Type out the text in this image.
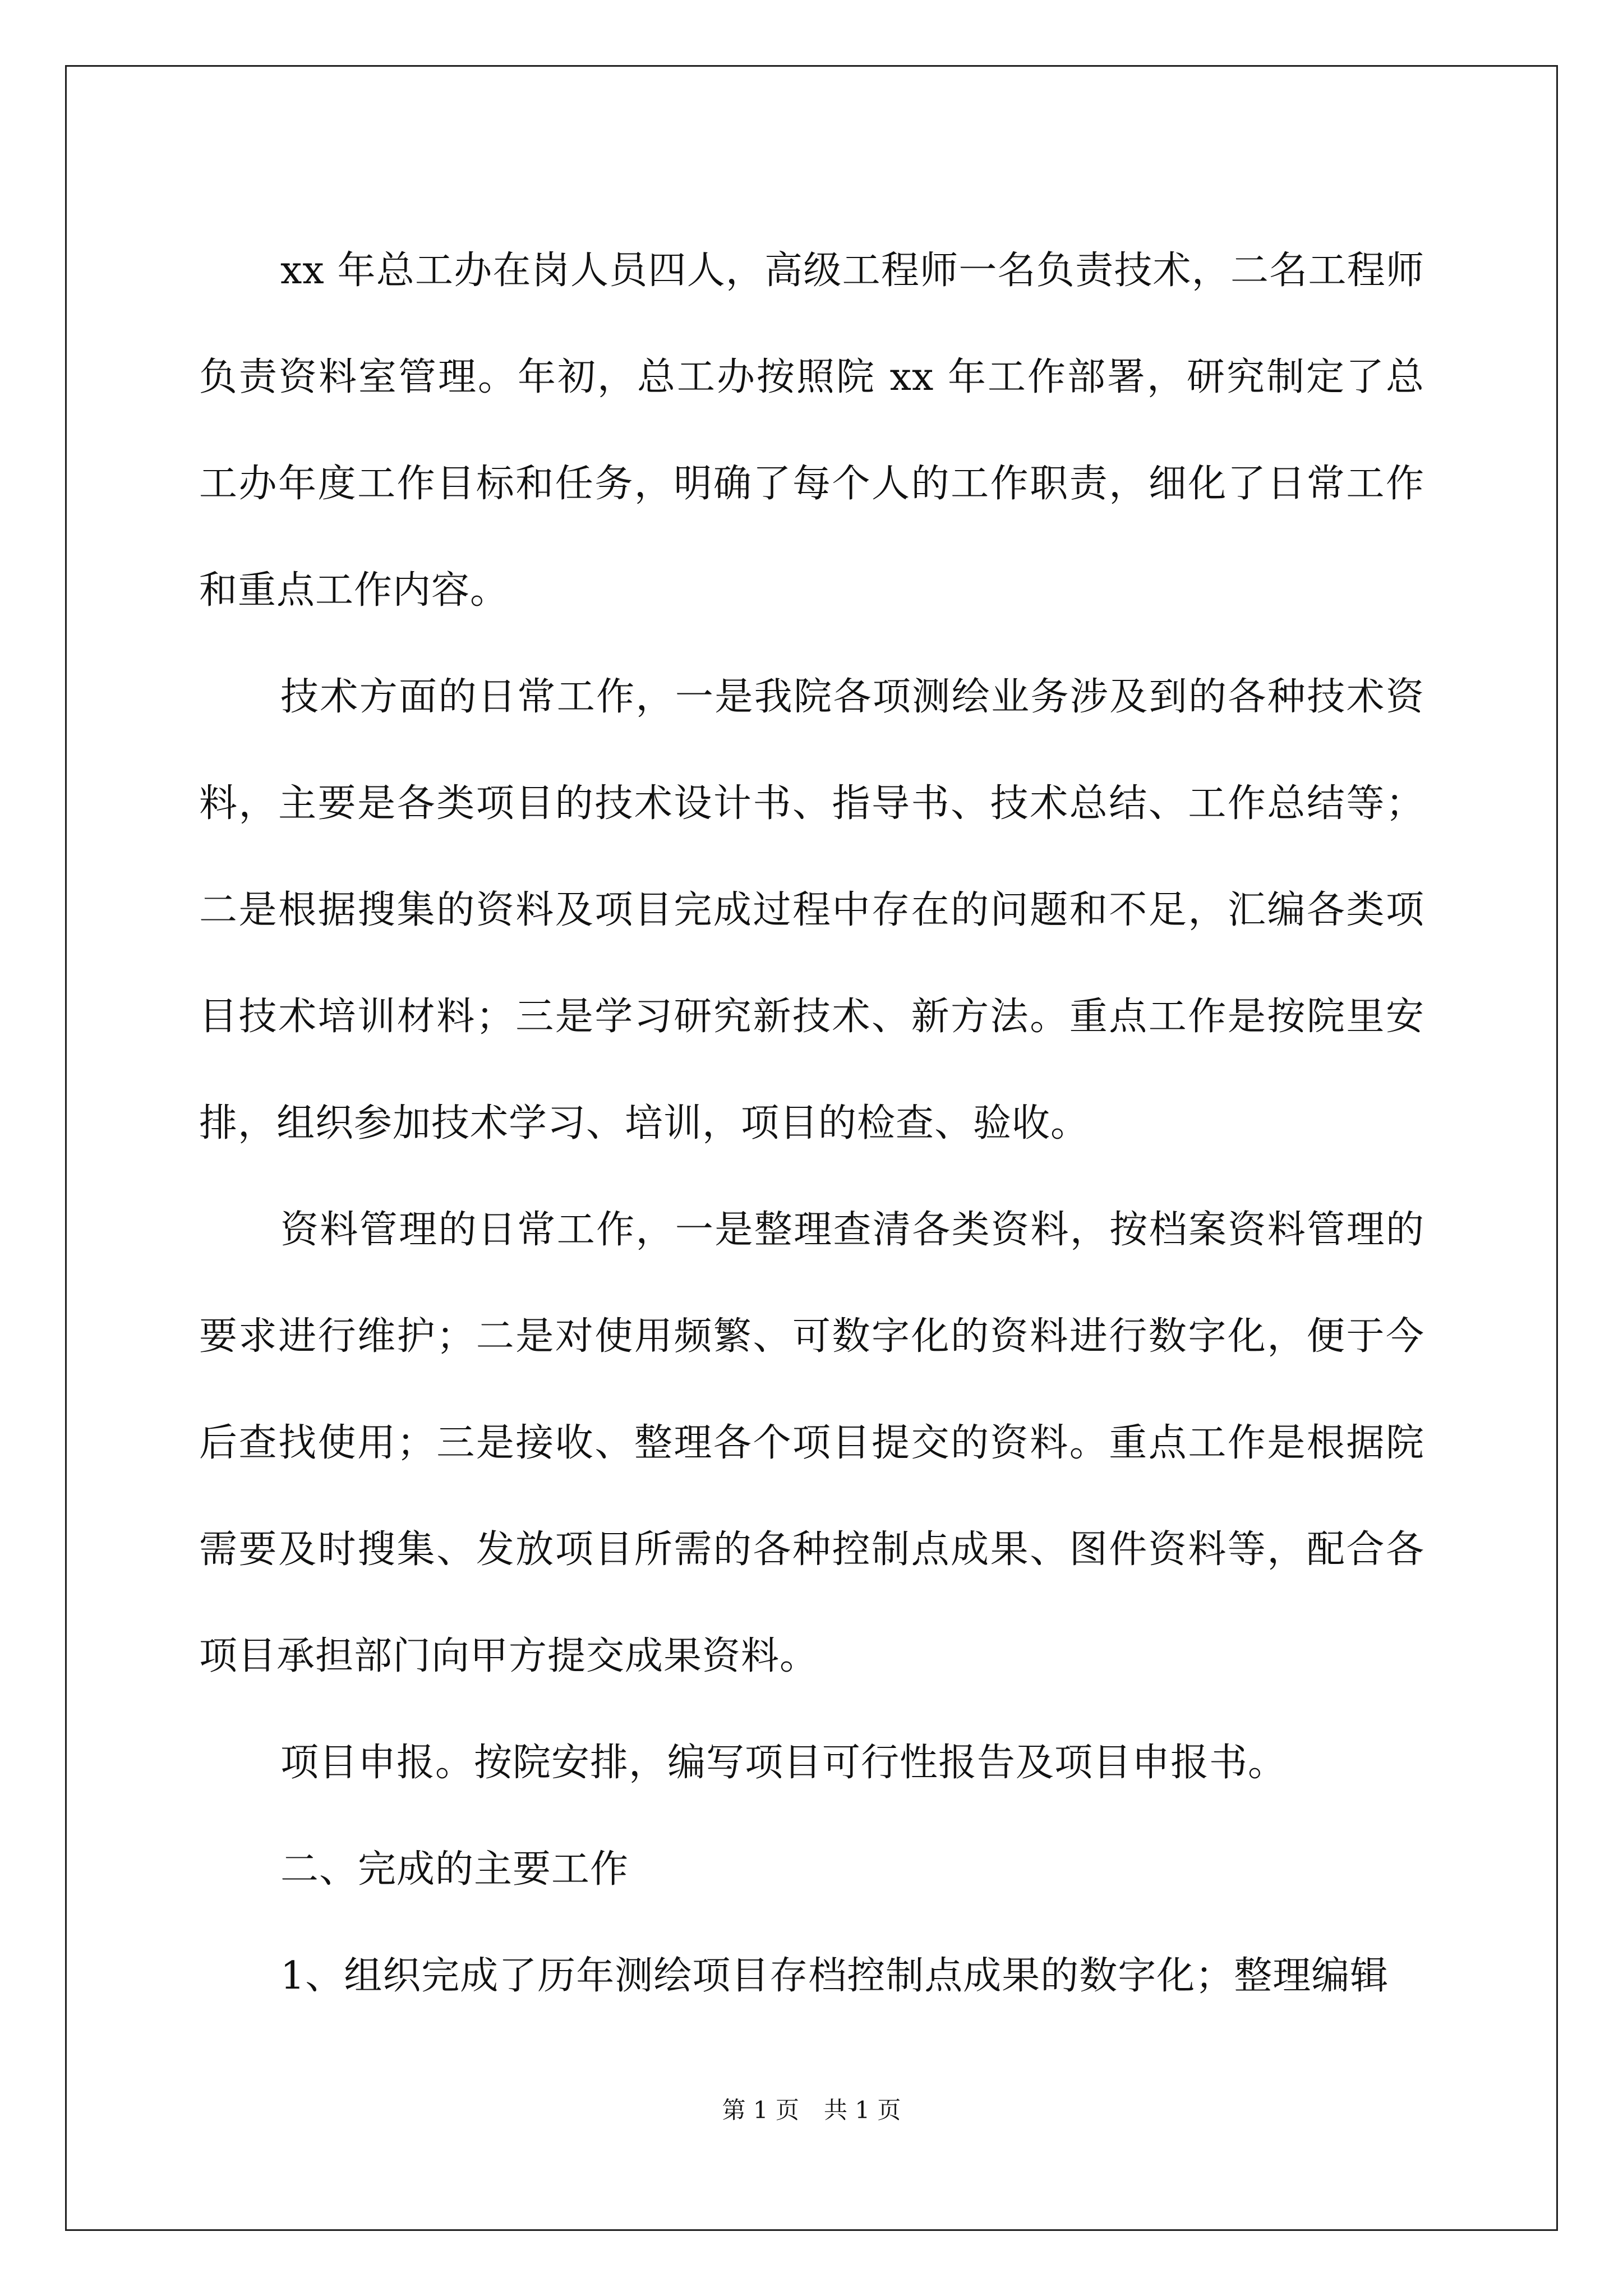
xx 年总工办在岗人员四人，高级工程师一名负责技术，二名工程师负责资料室管理。年初，总工办按照院 xx 年工作部署，研究制定了总工办年度工作目标和任务，明确了每个人的工作职责，细化了日常工作和重点工作内容。

技术方面的日常工作，一是我院各项测绘业务涉及到的各种技术资料，主要是各类项目的技术设计书、指导书、技术总结、工作总结等；二是根据搜集的资料及项目完成过程中存在的问题和不足，汇编各类项目技术培训材料；三是学习研究新技术、新方法。重点工作是按院里安排，组织参加技术学习、培训，项目的检查、验收。

资料管理的日常工作，一是整理查清各类资料，按档案资料管理的要求进行维护；二是对使用频繁、可数字化的资料进行数字化，便于今后查找使用；三是接收、整理各个项目提交的资料。重点工作是根据院需要及时搜集、发放项目所需的各种控制点成果、图件资料等，配合各项目承担部门向甲方提交成果资料。

项目申报。按院安排，编写项目可行性报告及项目申报书。

二、完成的主要工作

1、组织完成了历年测绘项目存档控制点成果的数字化；整理编辑

第 1 页 共 1 页
